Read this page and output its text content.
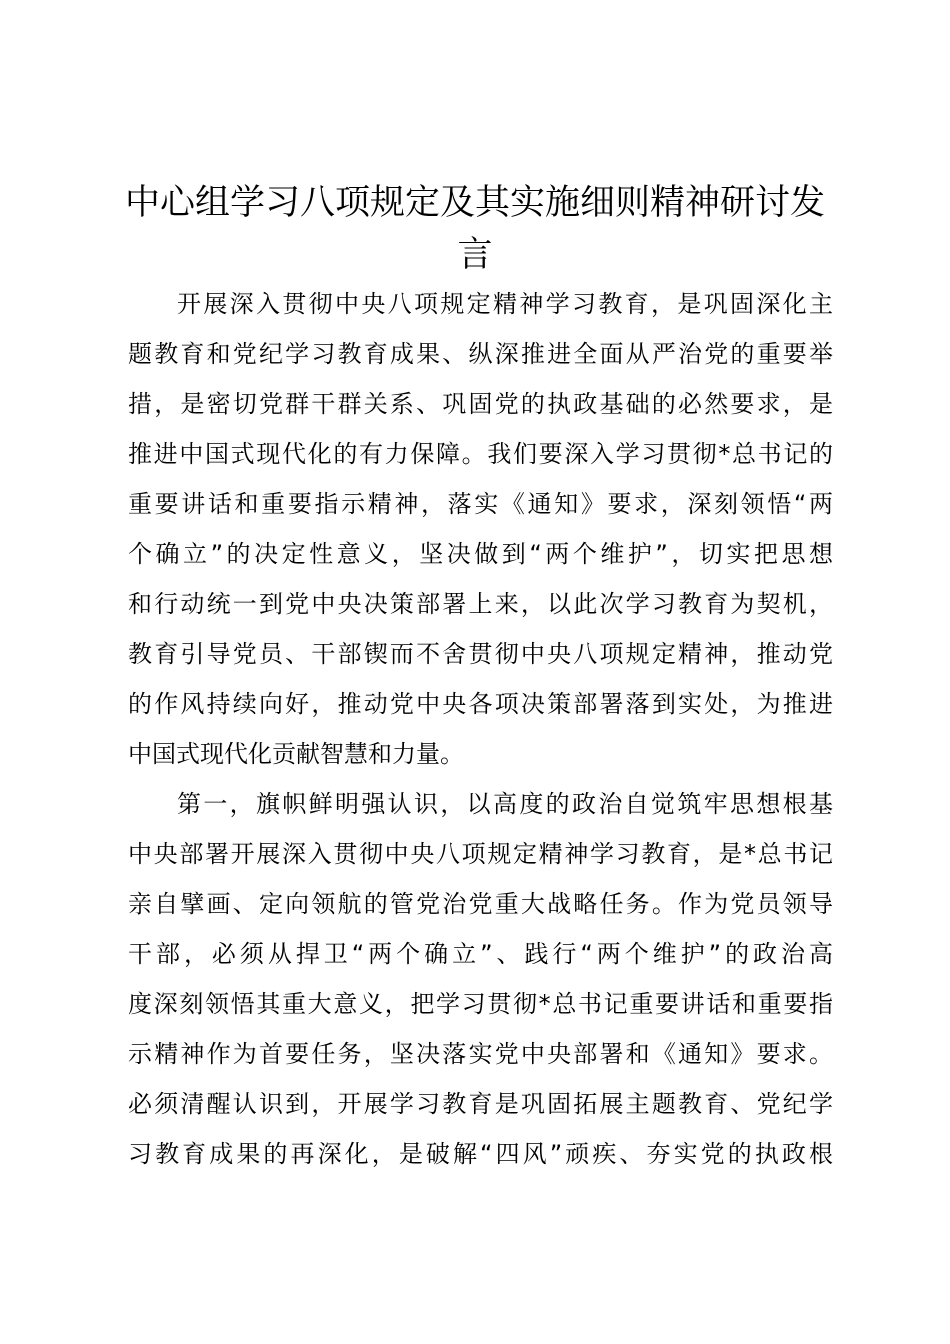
中心组学习八项规定及其实施细则精神研讨发
言
开展深入贯彻中央八项规定精神学习教育，是巩固深化主
题教育和党纪学习教育成果、纵深推进全面从严治党的重要举
措，是密切党群干群关系、巩固党的执政基础的必然要求，是
推进中国式现代化的有力保障。我们要深入学习贯彻*总书记的
重要讲话和重要指示精神，落实《通知》要求，深刻领悟“两
个确立”的决定性意义，坚决做到“两个维护”，切实把思想
和行动统一到党中央决策部署上来，以此次学习教育为契机，
教育引导党员、干部锲而不舍贯彻中央八项规定精神，推动党
的作风持续向好，推动党中央各项决策部署落到实处，为推进
中国式现代化贡献智慧和力量。
第一，旗帜鲜明强认识，以高度的政治自觉筑牢思想根基
中央部署开展深入贯彻中央八项规定精神学习教育，是*总书记
亲自擘画、定向领航的管党治党重大战略任务。作为党员领导
干部，必须从捍卫“两个确立”、践行“两个维护”的政治高
度深刻领悟其重大意义，把学习贯彻*总书记重要讲话和重要指
示精神作为首要任务，坚决落实党中央部署和《通知》要求。
必须清醒认识到，开展学习教育是巩固拓展主题教育、党纪学
习教育成果的再深化，是破解“四风”顽疾、夯实党的执政根
